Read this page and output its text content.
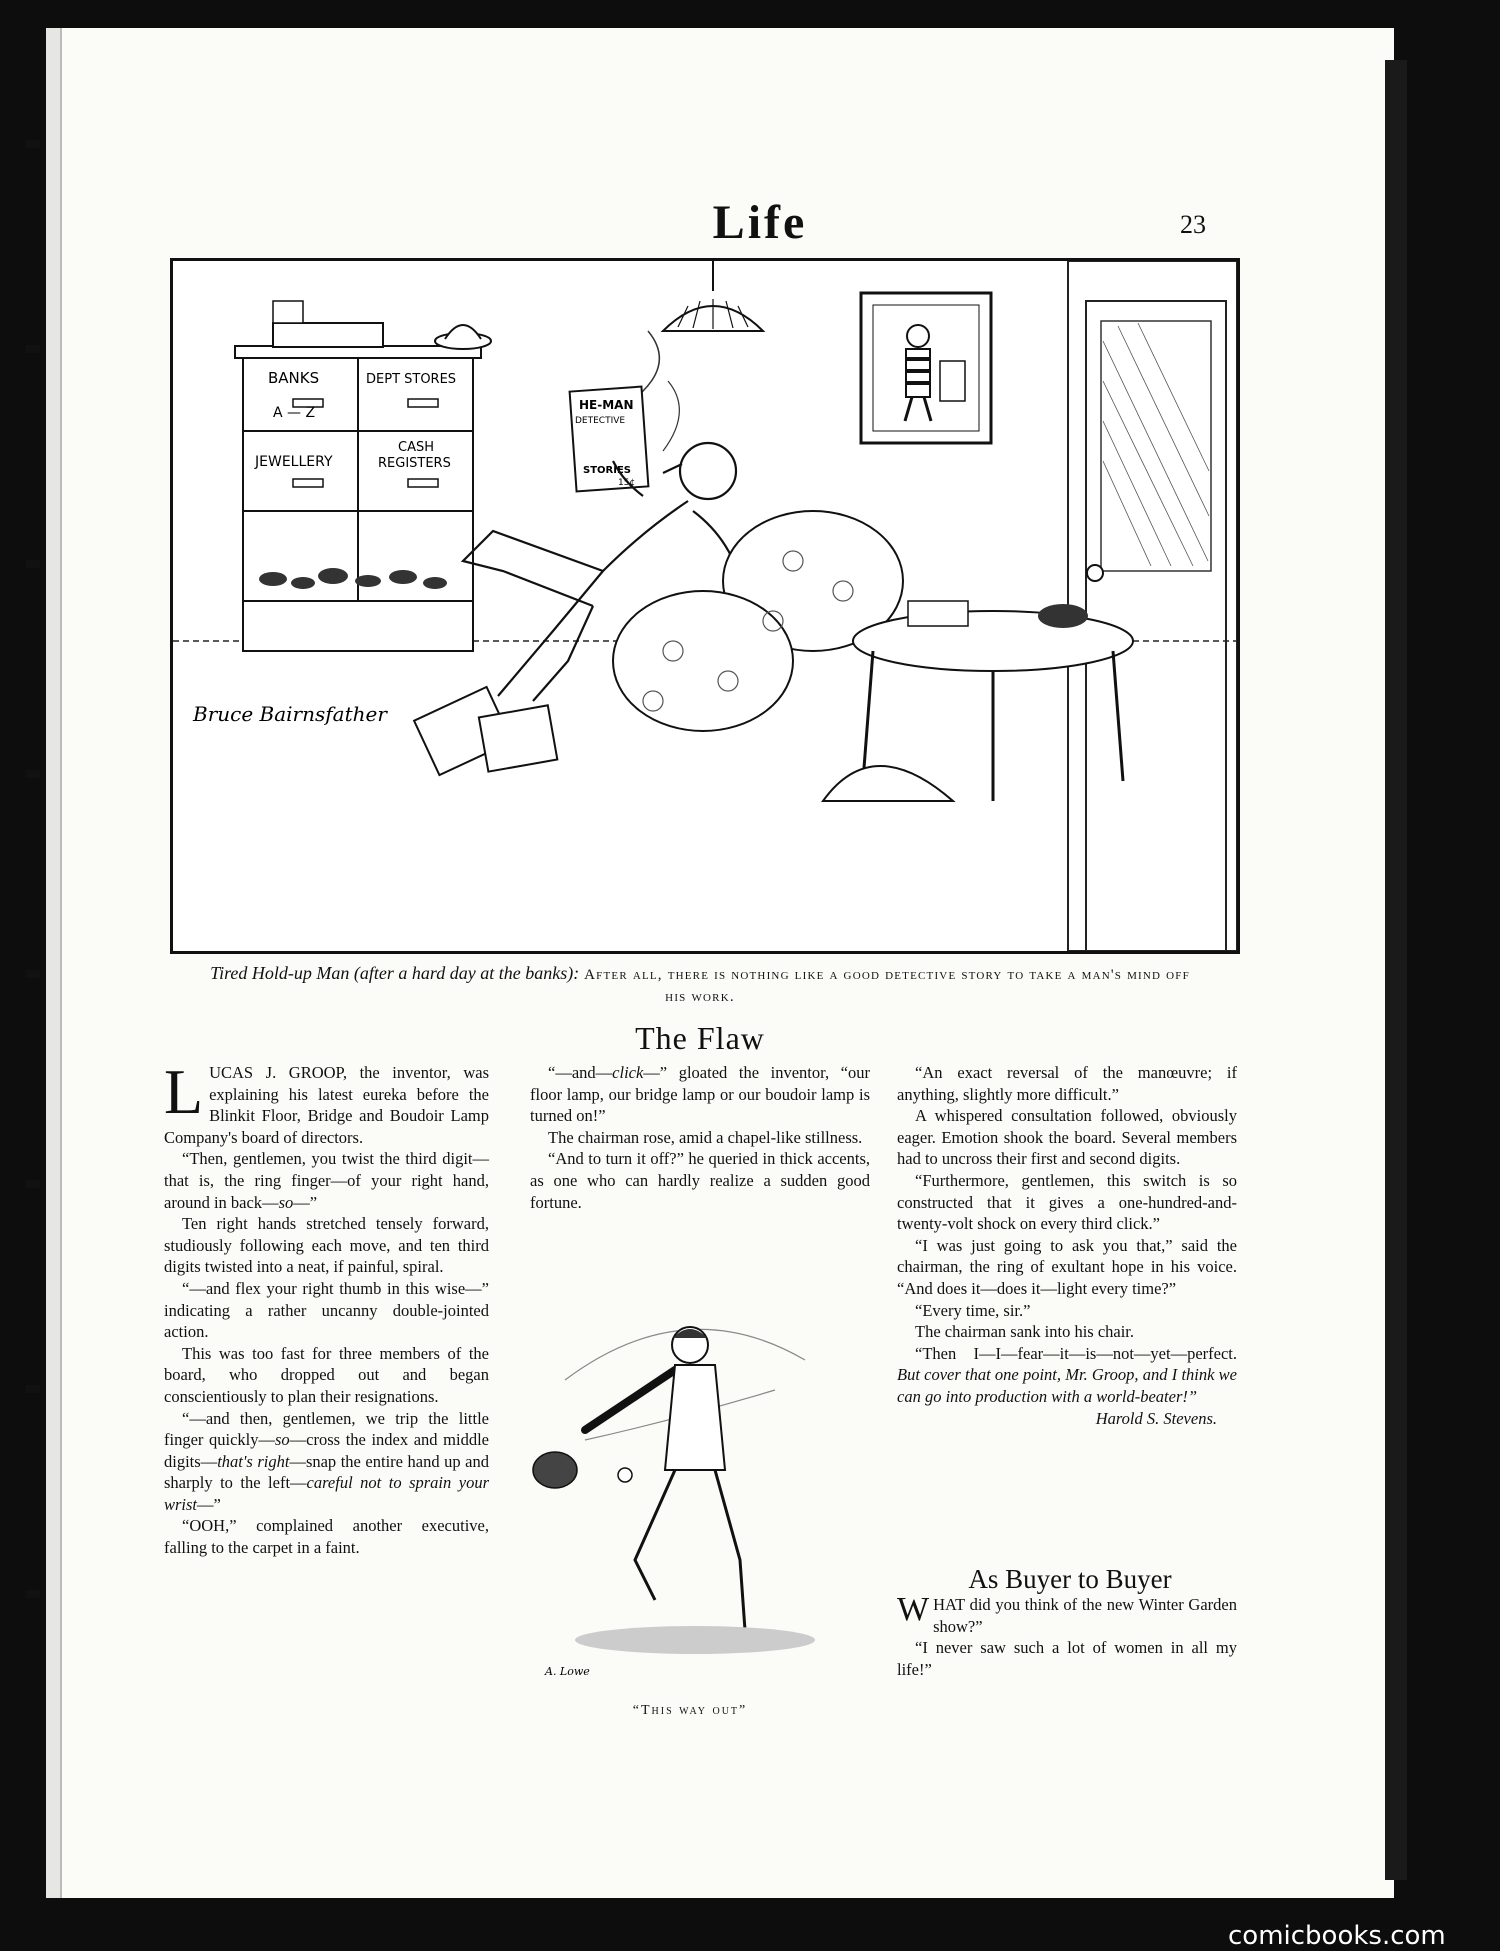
Life	23
BANKS
A — Z
DEPT STORES
JEWELLERY
CASH
REGISTERS
HE-MAN
DETECTIVE
STORIES
15¢
Bruce Bairnsfather
Tired Hold-up Man (after a hard day at the banks): After all, there is nothing like a good detective story to take a man's mind off his work.
The Flaw

LUCAS J. GROOP, the inventor, was explaining his latest eureka before the Blinkit Floor, Bridge and Boudoir Lamp Company's board of directors.

“Then, gentlemen, you twist the third digit—that is, the ring finger—of your right hand, around in back—so—”

Ten right hands stretched tensely forward, studiously following each move, and ten third digits twisted into a neat, if painful, spiral.

“—and flex your right thumb in this wise—” indicating a rather uncanny double-jointed action.

This was too fast for three members of the board, who dropped out and began conscientiously to plan their resignations.

“—and then, gentlemen, we trip the little finger quickly—so—cross the index and middle digits—that's right—snap the entire hand up and sharply to the left—careful not to sprain your wrist—”

“OOH,” complained another executive, falling to the carpet in a faint.

“—and—click—” gloated the inventor, “our floor lamp, our bridge lamp or our boudoir lamp is turned on!”

The chairman rose, amid a chapel-like stillness.

“And to turn it off?” he queried in thick accents, as one who can hardly realize a sudden good fortune.

A. Lowe
“This way out”

“An exact reversal of the manœuvre; if anything, slightly more difficult.”

A whispered consultation followed, obviously eager. Emotion shook the board. Several members had to uncross their first and second digits.

“Furthermore, gentlemen, this switch is so constructed that it gives a one-hundred-and-twenty-volt shock on every third click.”

“I was just going to ask you that,” said the chairman, the ring of exultant hope in his voice. “And does it—does it—light every time?”

“Every time, sir.”

The chairman sank into his chair.

“Then I—I—fear—it—is—not—yet—perfect. But cover that one point, Mr. Groop, and I think we can go into production with a world-beater!”

Harold S. Stevens.

As Buyer to Buyer

WHAT did you think of the new Winter Garden show?”

“I never saw such a lot of women in all my life!”

comicbooks.com
